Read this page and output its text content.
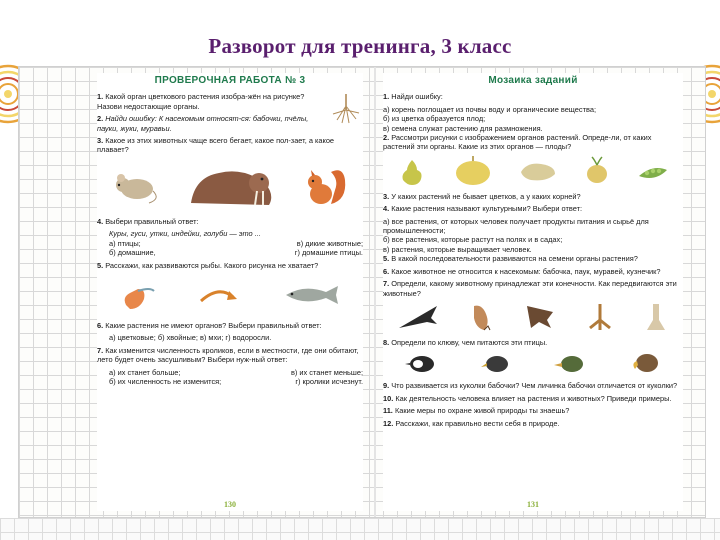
Разворот для тренинга, 3 класс
ПРОВЕРОЧНАЯ РАБОТА № 3
1. Какой орган цветкового растения изобра-жён на рисунке? Назови недостающие органы.
2. Найди ошибку: К насекомым относят-ся: бабочки, пчёлы, пауки, жуки, муравьи.
3. Какое из этих животных чаще всего бегает, какое пол-зает, а какое плавает?
4. Выбери правильный ответ:
Куры, гуси, утки, индейки, голуби — это ...
а) птицы;	в) дикие животные;
б) домашние,	г) домашние птицы.
5. Расскажи, как развиваются рыбы. Какого рисунка не хватает?
6. Какие растения не имеют органов? Выбери правильный ответ:
а) цветковые; б) хвойные; в) мхи; г) водоросли.
7. Как изменится численность кроликов, если в местности, где они обитают, лето будет очень засушливым? Выбери нуж-ный ответ:
а) их станет больше;	в) их станет меньше;
б) их численность не изменится;	г) кролики исчезнут.
130
Мозаика заданий
1. Найди ошибку:
а) корень поглощает из почвы воду и органические вещества;
б) из цветка образуется плод;
в) семена служат растению для размножения.
2. Рассмотри рисунки с изображением органов растений. Опреде-ли, от каких растений эти органы. Какие из этих органов — плоды?
3. У каких растений не бывает цветков, а у каких корней?
4. Какие растения называют культурными? Выбери ответ:
а) все растения, от которых человек получает продукты питания и сырьё для промышленности;
б) все растения, которые растут на полях и в садах;
в) растения, которые выращивает человек.
5. В какой последовательности развиваются на семени органы растения?
6. Какое животное не относится к насекомым: бабочка, паук, муравей, кузнечик?
7. Определи, какому животному принадлежат эти конечности. Как передвигаются эти животные?
8. Определи по клюву, чем питаются эти птицы.
9. Что развивается из куколки бабочки? Чем личинка бабочки отличается от куколки?
10. Как деятельность человека влияет на растения и животных? Приведи примеры.
11. Какие меры по охране живой природы ты знаешь?
12. Расскажи, как правильно вести себя в природе.
131
